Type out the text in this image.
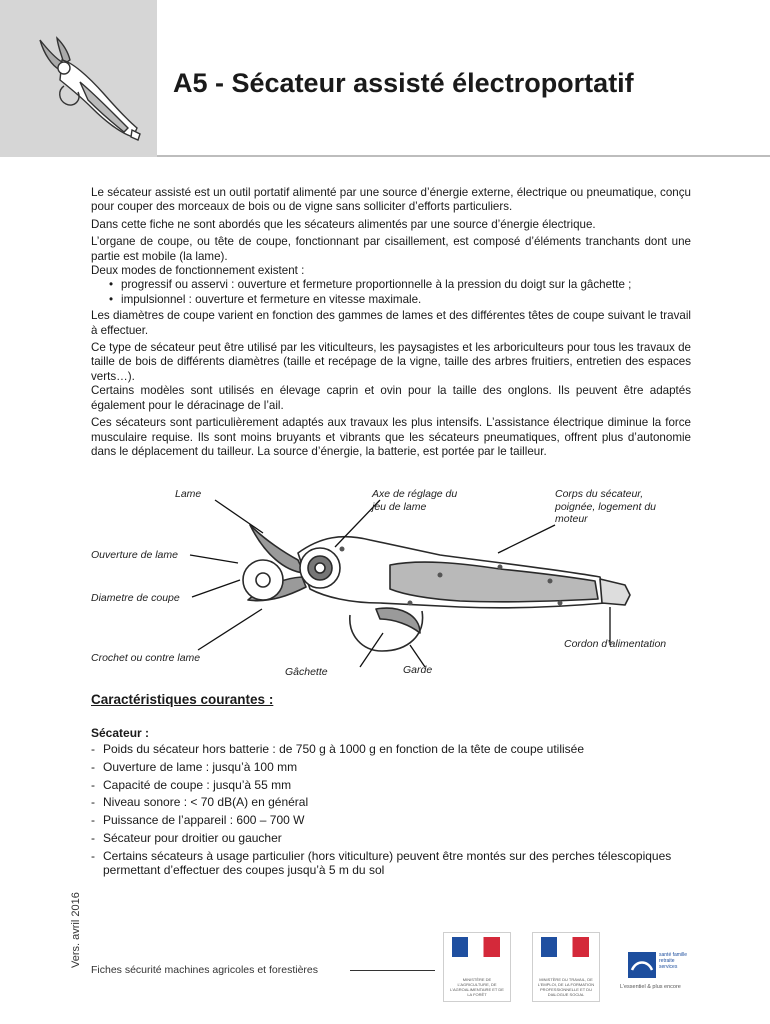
A5 - Sécateur assisté électroportatif

Le sécateur assisté est un outil portatif alimenté par une source d’énergie externe, électrique ou pneumatique, conçu pour couper des morceaux de bois ou de vigne sans solliciter d’efforts particuliers.

Dans cette fiche ne sont abordés que les sécateurs alimentés par une source d’énergie électrique.

L’organe de coupe, ou tête de coupe, fonctionnant par cisaillement, est composé d’éléments tranchants dont une partie est mobile (la lame).

Deux modes de fonctionnement existent :

• progressif ou asservi : ouverture et fermeture proportionnelle à la pression du doigt sur la gâchette ;
• impulsionnel : ouverture et fermeture en vitesse maximale.

Les diamètres de coupe varient en fonction des gammes de lames et des différentes têtes de coupe suivant le travail à effectuer.

Ce type de sécateur peut être utilisé par les viticulteurs, les paysagistes et les arboriculteurs pour tous les travaux de taille de bois de différents diamètres (taille et recépage de la vigne, taille des arbres fruitiers, entretien des espaces verts…).

Certains modèles sont utilisés en élevage caprin et ovin pour la taille des onglons. Ils peuvent être adaptés également pour le déracinage de l’ail.

Ces sécateurs sont particulièrement adaptés aux travaux les plus intensifs. L’assistance électrique diminue la force musculaire requise. Ils sont moins bruyants et vibrants que les sécateurs pneumatiques, offrent plus d’autonomie dans le déplacement du tailleur. La source d’énergie, la batterie, est portée par le tailleur.

Lame	Axe de réglage du jeu de lame
Corps du sécateur, poignée, logement du moteur
Ouverture de lame
Diametre de coupe
Cordon d’alimentation
Crochet ou contre lame
Gâchette	Garde
Caractéristiques courantes :
Sécateur :
- Poids du sécateur hors batterie : de 750 g à 1000 g en fonction de la tête de coupe utilisée
- Ouverture de lame : jusqu’à 100 mm
- Capacité de coupe : jusqu’à 55 mm
- Niveau sonore : < 70 dB(A) en général
- Puissance de l’appareil : 600 – 700 W
- Sécateur pour droitier ou gaucher
- Certains sécateurs à usage particulier (hors viticulture) peuvent être montés sur des perches télescopiques permettant d’effectuer des coupes jusqu’à 5 m du sol
Vers. avril 2016
Fiches sécurité machines agricoles et forestières
MINISTÈRE DE L’AGRICULTURE, DE L’AGROALIMENTAIRE ET DE LA FORÊT
MINISTÈRE DU TRAVAIL, DE L’EMPLOI, DE LA FORMATION PROFESSIONNELLE ET DU DIALOGUE SOCIAL
santé famille retraite services
L’essentiel & plus encore
